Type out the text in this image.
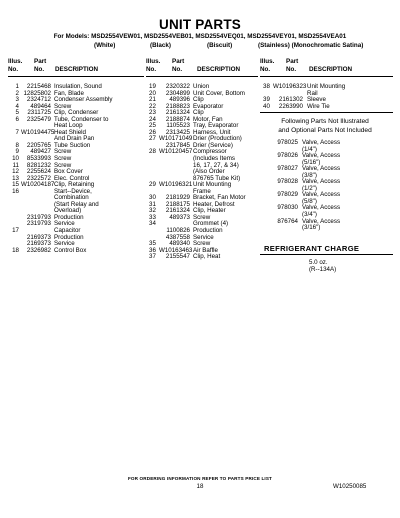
UNIT PARTS
For Models: MSD2554VEW01, MSD2554VEB01, MSD2554VEQ01, MSD2554VEY01, MSD2554VEA01
(White)	(Black)	(Biscuit)	(Stainless) (Monochromatic Satina)
Illus.
No.
Part
No.	DESCRIPTION
Illus.
No.
Part
No.	DESCRIPTION
Illus.
No.
Part
No.	DESCRIPTION
1	2215468 Insulation, Sound
2 12825802 Fan, Blade
3	2324712 Condenser Assembly
4	489464 Screw
5	2311725 Clip, Condenser
6	2325479 Tube, Condenser to
Heat Loop
7 W10194475 Heat Shield
And Drain Pan
8	2205765 Tube Suction
9	489427 Screw
10	8533993 Screw
11	8281232 Screw
12	2255624 Box Cover
13	2322572 Elec. Control
15 W10204187 Clip, Retaining
16	Start--Device,
Combination
(Start Relay and
Overload)
2319793 Production
2319793 Service
17	Capacitor
2169373 Production
2169373 Service
18	2326982 Control Box
19	2320322 Union
20	2304899 Unit Cover, Bottom
21	489396 Clip
22	2188823 Evaporator
23	2161324 Clip
24	2188874 Motor, Fan
25	1105523 Tray, Evaporator
26	2313425 Harness, Unit
27 W10171049 Drier (Production)
2317845 Drier (Service)
28 W10120457 Compressor
(Includes Items
16, 17, 27, & 34)
(Also Order
876765 Tube Kit)
29 W10196321 Unit Mounting
Frame
30	2181929 Bracket, Fan Motor
31	2188175 Heater, Defrost
32	2161324 Clip, Heater
33	489373 Screw
34	Grommet (4)
1100826 Production
4387558 Service
35	489340 Screw
36 W10163463 Air Baffle
37	2155547 Clip, Heat
38 W10196323 Unit Mounting
Rail
39	2161302 Sleeve
40	2263990 Wire Tie
Following Parts Not Illustrated
and Optional Parts Not Included
978025 Valve, Access
(1/4")
978026 Valve, Access
(5/16")
978027 Valve, Access
(3/8")
978028 Valve, Access
(1/2")
978029 Valve, Access
(5/8")
978030 Valve, Access
(3/4")
876764 Valve, Access
(3/16")
REFRIGERANT CHARGE
5.0 oz.
(R--134A)
FOR ORDERING INFORMATION REFER TO PARTS PRICE LIST
18	W10250085
